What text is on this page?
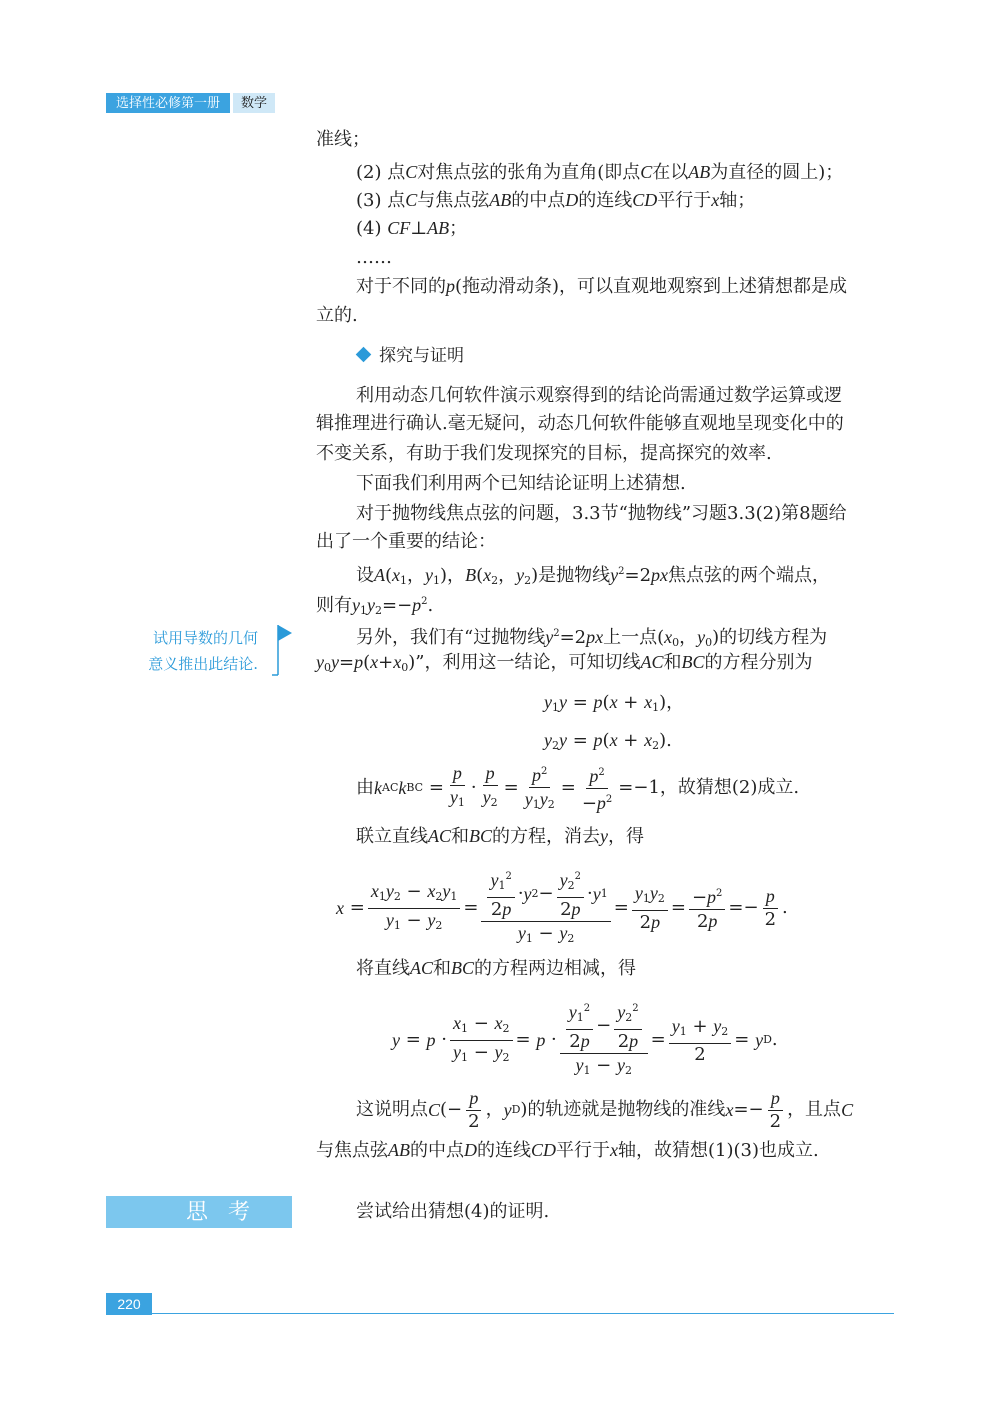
选择性必修第一册	数学
准线；
(2) 点C对焦点弦的张角为直角(即点C在以AB为直径的圆上)；
(3) 点C与焦点弦AB的中点D的连线CD平行于x轴；
(4) CF⊥AB；
……
对于不同的p(拖动滑动条)，可以直观地观察到上述猜想都是成
立的.
探究与证明
利用动态几何软件演示观察得到的结论尚需通过数学运算或逻
辑推理进行确认.毫无疑问，动态几何软件能够直观地呈现变化中的
不变关系，有助于我们发现探究的目标，提高探究的效率.
下面我们利用两个已知结论证明上述猜想.
对于抛物线焦点弦的问题，3.3节“抛物线”习题3.3(2)第8题给
出了一个重要的结论：
设$A(x_1$，$y_1$)，$B(x_2$，$y_2$)是抛物线$y^2=2px$焦点弦的两个端点，
则有$y_1y_2=-p^2$.
另外，我们有“过抛物线$y^2=2px$上一点($x_0$，$y_0$)的切线方程为
$y_0y=p(x+x_0)$”，利用这一结论，可知切线AC和BC的方程分别为
试用导数的几何
意义推出此结论.
$y_1y = p(x + x_1)$，
$y_2y = p(x + x_2)$.
由 k AC k BC =
p
$y_1$
·
p
$y_2$
=
$p^2$
$y_1y_2$
=
$p^2$
$-p^2$
=−1，故猜想(2)成立.
联立直线AC和BC的方程，消去y，得
x =
$x_1y_2 - x_2y_1$
$y_1 - y_2$
=
$y_1^2$
2p
· y 2 −
$y_2^2$
2p
· y 1
$y_1 - y_2$
=
$y_1y_2$
2p
= $-p^2$
2p
=−
p
2
.
将直线AC和BC的方程两边相减，得
y = p ·
$x_1 - x_2$
$y_1 - y_2$
= p ·
$y_1^2$
2p
−
$y_2^2$
2p
$y_1 - y_2$
=
$y_1 + y_2$
2
= y D .
这说明点 C (−
p
2
， y D )的轨迹就是抛物线的准线 x =−
p
2
，且点 C
与焦点弦AB的中点D的连线CD平行于x轴，故猜想(1)(3)也成立.
思考	尝试给出猜想(4)的证明.
220
